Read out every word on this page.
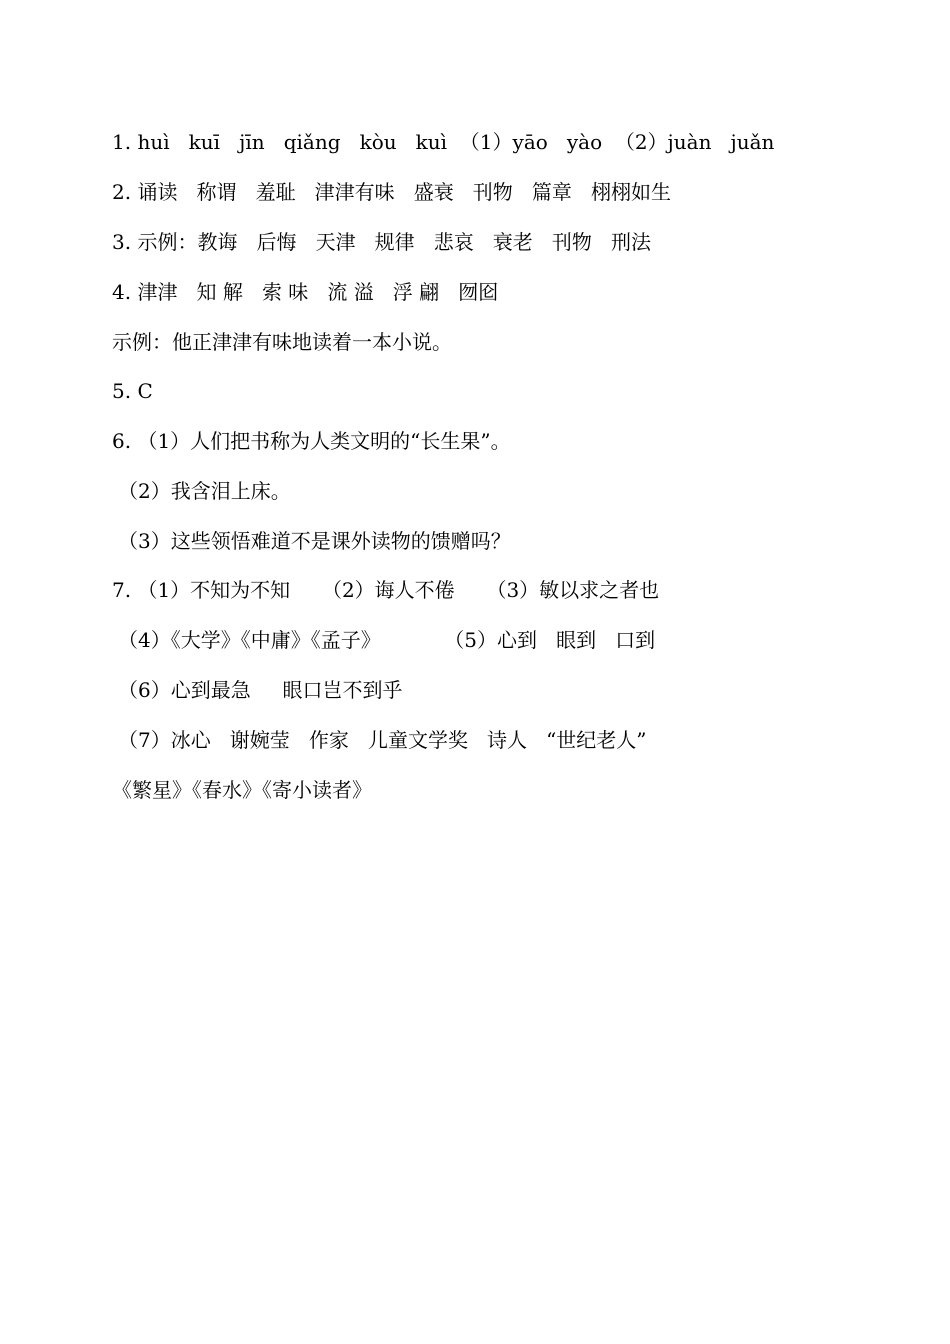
1. huì   kuī   jīn   qiǎng   kòu   kuì  （1）yāo   yào  （2）juàn   juǎn
2. 诵读   称谓   羞耻   津津有味   盛衰   刊物   篇章   栩栩如生
3. 示例：教诲   后悔   天津   规律   悲哀   衰老   刊物   刑法
4. 津津   知 解   索 味   流 溢   浮 翩   囫囵
示例：他正津津有味地读着一本小说。
5. C
6. （1）人们把书称为人类文明的“长生果”。
（2）我含泪上床。
（3）这些领悟难道不是课外读物的馈赠吗？
7. （1）不知为不知     （2）诲人不倦     （3）敏以求之者也
（4）《大学》《中庸》《孟子》          （5）心到   眼到   口到
（6）心到最急     眼口岂不到乎
（7）冰心   谢婉莹   作家   儿童文学奖   诗人   “世纪老人”
《繁星》《春水》《寄小读者》
